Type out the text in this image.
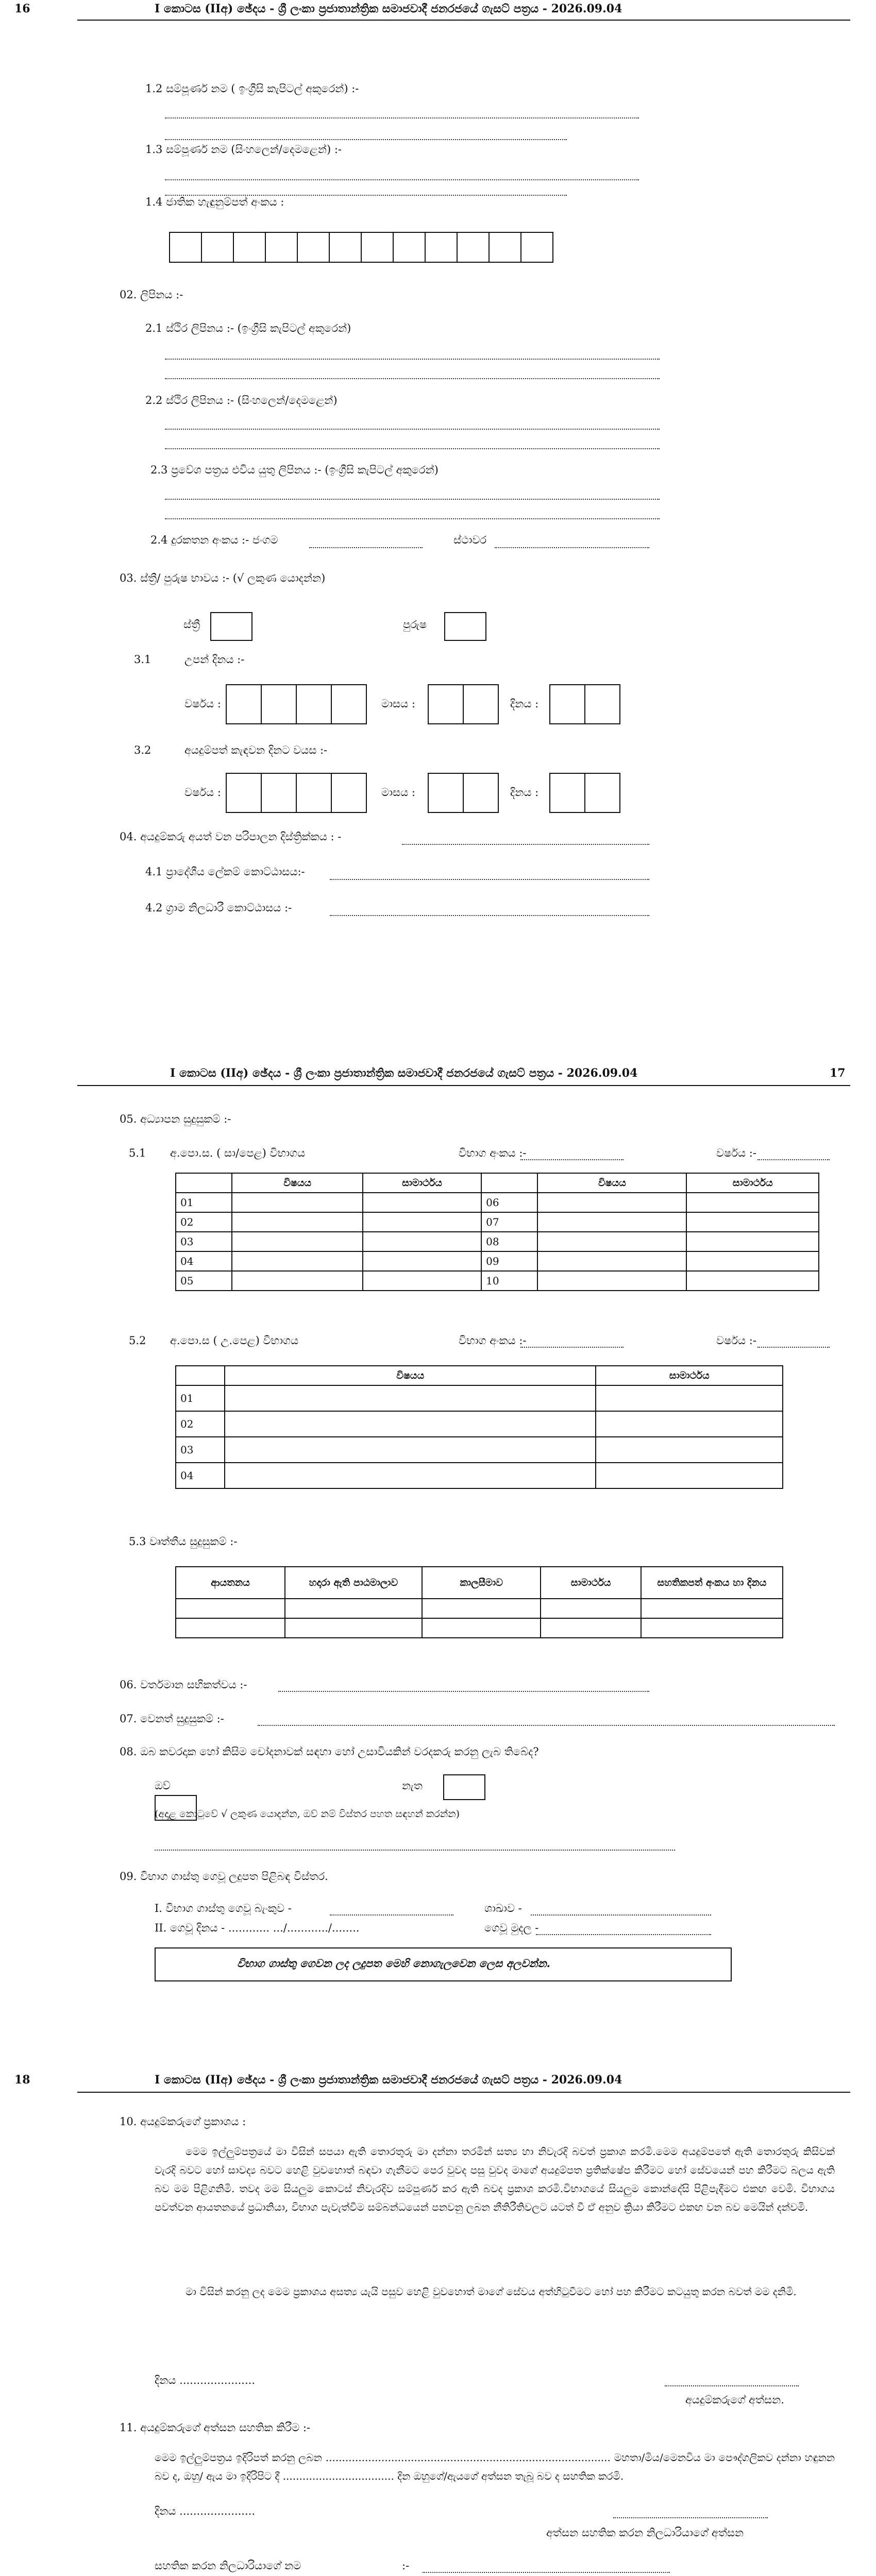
16	I කොටස (IIඅ) ඡේදය - ශ්‍රී ලංකා ප්‍රජාතාන්ත්‍රික සමාජවාදී ජනරජයේ ගැසට් පත්‍රය - 2026.09.04
1.2 සම්පූර්ණ නම ( ඉංග්‍රීසි කැපිටල් අකුරෙන්) :-
1.3 සම්පූර්ණ නම (සිංහලෙන්/දෙමළෙන්) :-
1.4 ජාතික හැඳුනුම්පත් අංකය :
02. ලිපිනය :-
2.1 ස්ථිර ලිපිනය :- (ඉංග්‍රීසි කැපිටල් අකුරෙන්)
2.2 ස්ථිර ලිපිනය :- (සිංහලෙන්/දෙමළෙන්)
2.3 ප්‍රවේශ පත්‍රය එවිය යුතු ලිපිනය :- (ඉංග්‍රීසි කැපිටල් අකුරෙන්)
2.4 දුරකතන අංකය :- ජංගම	ස්ථාවර
03. ස්ත්‍රී/ පුරුෂ භාවය :- (√ ලකුණ යොදන්න)
ස්ත්‍රී	පුරුෂ
3.1	උපන් දිනය :-
වර්ෂය :	මාසය :	දිනය :
3.2	අයදුම්පත් කැඳවන දිනට වයස :-
වර්ෂය :	මාසය :	දිනය :
04. අයදුම්කරු අයත් වන පරිපාලන දිස්ත්‍රික්කය : -
4.1 ප්‍රාදේශීය ලේකම් කොට්ඨාසය:-
4.2 ග්‍රාම නිලධාරී කොට්ඨාසය :-
I කොටස (IIඅ) ඡේදය - ශ්‍රී ලංකා ප්‍රජාතාන්ත්‍රික සමාජවාදී ජනරජයේ ගැසට් පත්‍රය - 2026.09.04	17
05. අධ්‍යාපන සුදුසුකම් :-
5.1 අ.පො.ස. ( සා/පෙළ) විභාගය	විභාග අංකය :-	වර්ෂය :-
	විෂයය	සාමාර්ථය		විෂයය	සාමාර්ථය
01			06		
02			07		
03			08		
04			09		
05			10		
5.2 අ.පො.ස ( උ.පෙළ) විභාගය	විභාග අංකය :-	වර්ෂය :-
	විෂයය	සාමාර්ථය
01		
02		
03		
04		
5.3 වෘත්තීය සුදුසුකම් :-
ආයතනය	හදාරා ඇති පාඨමාලාව	කාලසීමාව	සාමාර්ථය	සහතිකපත් අංකය හා දිනය

06. වර්තමාන සභිකත්වය :-
07. වෙනත් සුදුසුකම් :-
08. ඔබ කවරදාක හෝ කිසිම චෝදනාවක් සඳහා හෝ උසාවියකින් වරදකරු කරනු ලැබ තිබේද?
ඔව්	නැත
(අදාළ කොටුවේ √ ලකුණ යොදන්න, ඔව් නම් විස්තර පහත සඳහන් කරන්න)
09. විභාග ගාස්තු ගෙවූ ලදුපත පිළිබඳ විස්තර.
I. විභාග ගාස්තු ගෙවූ බැංකුව -	ශාඛාව -
II. ගෙවූ දිනය - ............ .../............/........	ගෙවූ මුදල -
විභාග ගාස්තු ගෙවන ලද ලදුපත මෙහි නොගැලවෙන ලෙස අලවන්න.
18	I කොටස (IIඅ) ඡේදය - ශ්‍රී ලංකා ප්‍රජාතාන්ත්‍රික සමාජවාදී ජනරජයේ ගැසට් පත්‍රය - 2026.09.04
10. අයදුම්කරුගේ ප්‍රකාශය :
මෙම ඉල්ලුම්පත්‍රයේ මා විසින් සපයා ඇති තොරතුරු මා දන්නා තරමින් සත්‍ය හා නිවැරදි බවත් ප්‍රකාශ කරමි.මෙම අයදුම්පතේ ඇති තොරතුරු කිසිවක් වැරදි බවට හෝ සාවද්‍ය බවට හෙළි වුවහොත් බඳවා ගැනීමට පෙර වුවද පසු වුවද මාගේ අයදුම්පත ප්‍රතික්ෂේප කිරීමට හෝ සේවයෙන් පහ කිරීමට බලය ඇති බව මම පිළිගනිමි. තවද මම සියලුම කොටස් නිවැරදිව සම්පූර්ණ කර ඇති බවද ප්‍රකාශ කරමි.විභාගයේ සියලුම කොන්දේසි පිළිපැදීමට එකඟ වෙමි. විභාගය පවත්වන ආයතනයේ ප්‍රධානියා, විභාග පැවැත්වීම සම්බන්ධයෙන් පනවනු ලබන නීතිරීතිවලට යටත් වී ඒ අනුව ක්‍රියා කිරීමට එකඟ වන බව මෙයින් දන්වමි.
මා විසින් කරනු ලද මෙම ප්‍රකාශය අසත්‍ය යැයි පසුව හෙළි වුවහොත් මාගේ සේවය අත්හිටුවීමට හෝ පහ කිරීමට කටයුතු කරන බවත් මම දනිමි.
දිනය ......................
අයදුම්කරුගේ අත්සන.
11. අයදුම්කරුගේ අත්සන සහතික කිරීම :-
මෙම ඉල්ලුම්පත්‍රය ඉදිරිපත් කරනු ලබන ....................................................................................... මහතා/මිය/මෙනවිය මා පෞද්ගලිකව දන්නා හඳුනන බව ද, ඔහු/ ඇය මා ඉදිරිපිට දී .................................. දින ඔහුගේ/ඇයගේ අත්සන තැබූ බව ද සහතික කරමි.
දිනය ......................
අත්සන සහතික කරන නිලධාරියාගේ අත්සන
සහතික කරන නිලධාරියාගේ නම	:-
